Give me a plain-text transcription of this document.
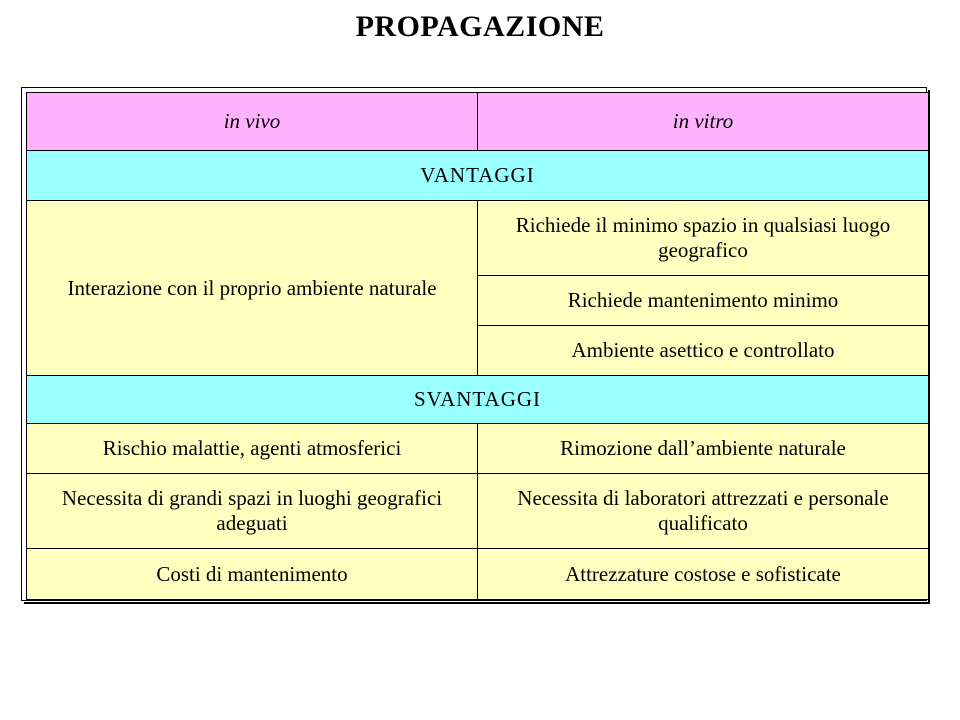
PROPAGAZIONE
in vivo	in vitro
VANTAGGI	
Interazione con il proprio ambiente naturale	Richiede il minimo spazio in qualsiasi luogo geografico
	Richiede mantenimento minimo
	Ambiente asettico e controllato
SVANTAGGI	
Rischio malattie, agenti atmosferici	Rimozione dall’ambiente naturale
Necessita di grandi spazi in luoghi geografici adeguati	Necessita di laboratori attrezzati e personale qualificato
Costi di mantenimento	Attrezzature costose e sofisticate
